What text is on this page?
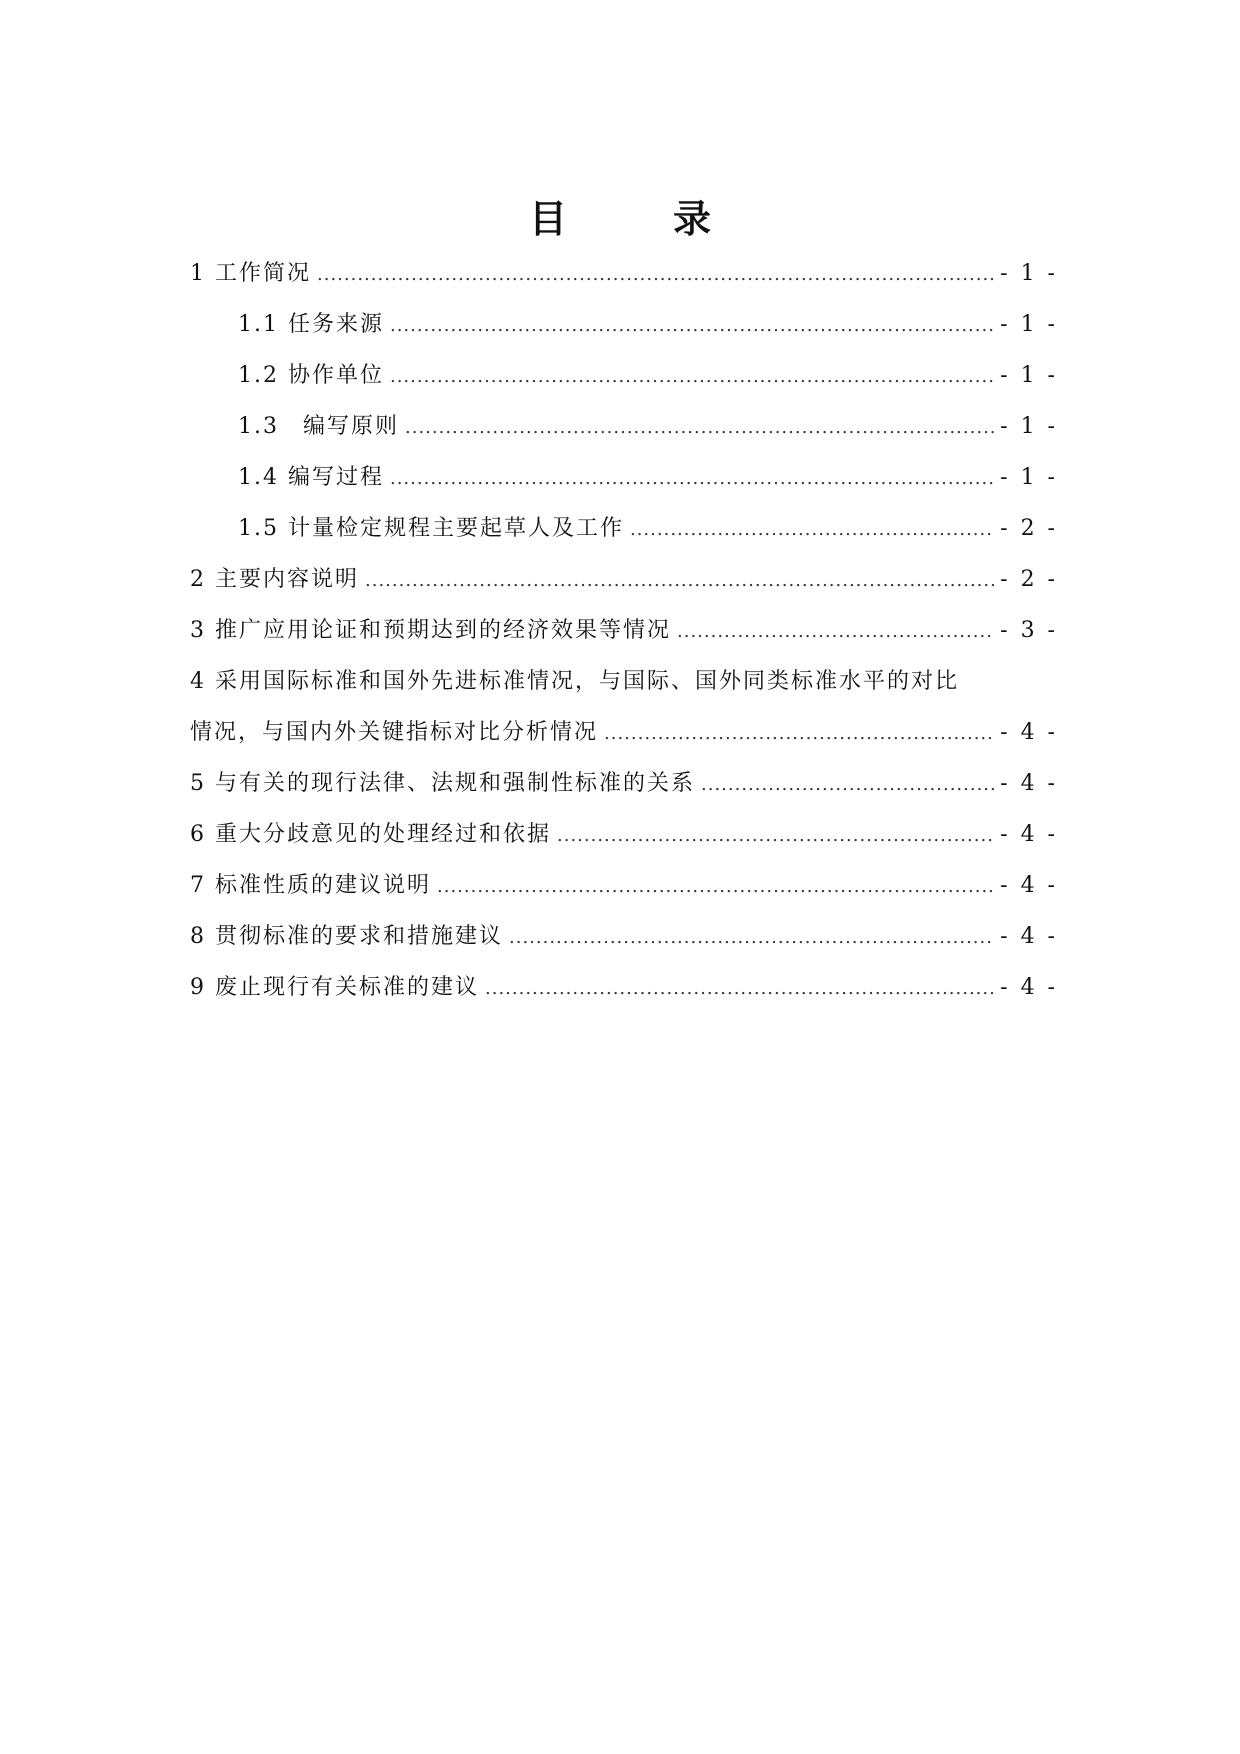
目　录
1 工作简况 .....	- 1 -
1.1 任务来源 .....	- 1 -
1.2 协作单位 .....	- 1 -
1.3　编写原则 .....	- 1 -
1.4 编写过程 .....	- 1 -
1.5 计量检定规程主要起草人及工作 .....	- 2 -
2 主要内容说明 .....	- 2 -
3 推广应用论证和预期达到的经济效果等情况 .....	- 3 -
4 采用国际标准和国外先进标准情况，与国际、国外同类标准水平的对比
情况，与国内外关键指标对比分析情况 .....	- 4 -
5 与有关的现行法律、法规和强制性标准的关系 .....	- 4 -
6 重大分歧意见的处理经过和依据 .....	- 4 -
7 标准性质的建议说明 .....	- 4 -
8 贯彻标准的要求和措施建议 .....	- 4 -
9 废止现行有关标准的建议 .....	- 4 -
